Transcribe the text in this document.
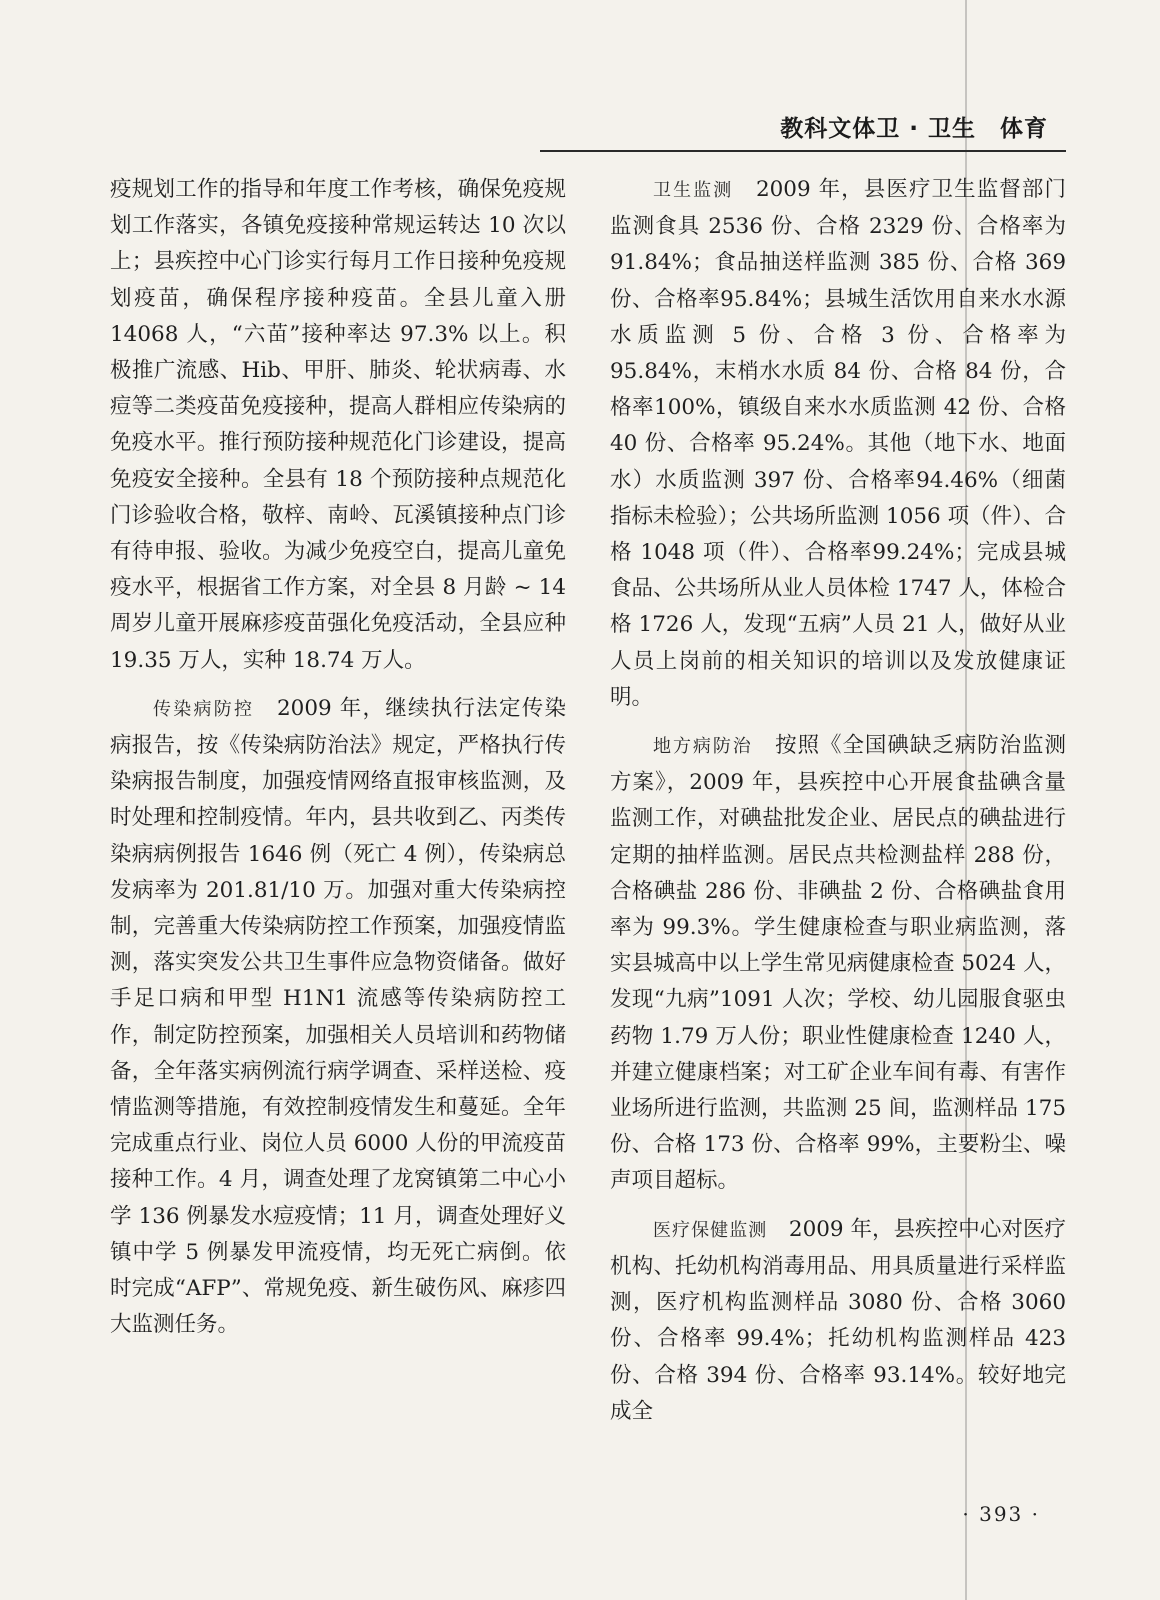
教科文体卫 · 卫生　体育

疫规划工作的指导和年度工作考核，确保免疫规划工作落实，各镇免疫接种常规运转达 10 次以上；县疾控中心门诊实行每月工作日接种免疫规划疫苗，确保程序接种疫苗。全县儿童入册 14068 人，“六苗”接种率达 97.3% 以上。积极推广流感、Hib、甲肝、肺炎、轮状病毒、水痘等二类疫苗免疫接种，提高人群相应传染病的免疫水平。推行预防接种规范化门诊建设，提高免疫安全接种。全县有 18 个预防接种点规范化门诊验收合格，敬梓、南岭、瓦溪镇接种点门诊有待申报、验收。为减少免疫空白，提高儿童免疫水平，根据省工作方案，对全县 8 月龄 ~ 14 周岁儿童开展麻疹疫苗强化免疫活动，全县应种 19.35 万人，实种 18.74 万人。

传染病防控　2009 年，继续执行法定传染病报告，按《传染病防治法》规定，严格执行传染病报告制度，加强疫情网络直报审核监测，及时处理和控制疫情。年内，县共收到乙、丙类传染病病例报告 1646 例（死亡 4 例），传染病总发病率为 201.81/10 万。加强对重大传染病控制，完善重大传染病防控工作预案，加强疫情监测，落实突发公共卫生事件应急物资储备。做好手足口病和甲型 H1N1 流感等传染病防控工作，制定防控预案，加强相关人员培训和药物储备，全年落实病例流行病学调查、采样送检、疫情监测等措施，有效控制疫情发生和蔓延。全年完成重点行业、岗位人员 6000 人份的甲流疫苗接种工作。4 月，调查处理了龙窝镇第二中心小学 136 例暴发水痘疫情；11 月，调查处理好义镇中学 5 例暴发甲流疫情，均无死亡病倒。依时完成“AFP”、常规免疫、新生破伤风、麻疹四大监测任务。

卫生监测　2009 年，县医疗卫生监督部门监测食具 2536 份、合格 2329 份、合格率为 91.84%；食品抽送样监测 385 份、合格 369 份、合格率95.84%；县城生活饮用自来水水源水质监测 5 份、合格 3 份、合格率为95.84%，末梢水水质 84 份、合格 84 份，合格率100%，镇级自来水水质监测 42 份、合格 40 份、合格率 95.24%。其他（地下水、地面水）水质监测 397 份、合格率94.46%（细菌指标未检验）；公共场所监测 1056 项（件）、合格 1048 项（件）、合格率99.24%；完成县城食品、公共场所从业人员体检 1747 人，体检合格 1726 人，发现“五病”人员 21 人，做好从业人员上岗前的相关知识的培训以及发放健康证明。

地方病防治　按照《全国碘缺乏病防治监测方案》，2009 年，县疾控中心开展食盐碘含量监测工作，对碘盐批发企业、居民点的碘盐进行定期的抽样监测。居民点共检测盐样 288 份，合格碘盐 286 份、非碘盐 2 份、合格碘盐食用率为 99.3%。学生健康检查与职业病监测，落实县城高中以上学生常见病健康检查 5024 人，发现“九病”1091 人次；学校、幼儿园服食驱虫药物 1.79 万人份；职业性健康检查 1240 人，并建立健康档案；对工矿企业车间有毒、有害作业场所进行监测，共监测 25 间，监测样品 175 份、合格 173 份、合格率 99%，主要粉尘、噪声项目超标。

医疗保健监测　2009 年，县疾控中心对医疗机构、托幼机构消毒用品、用具质量进行采样监测，医疗机构监测样品 3080 份、合格 3060 份、合格率 99.4%；托幼机构监测样品 423 份、合格 394 份、合格率 93.14%。较好地完成全

· 393 ·
